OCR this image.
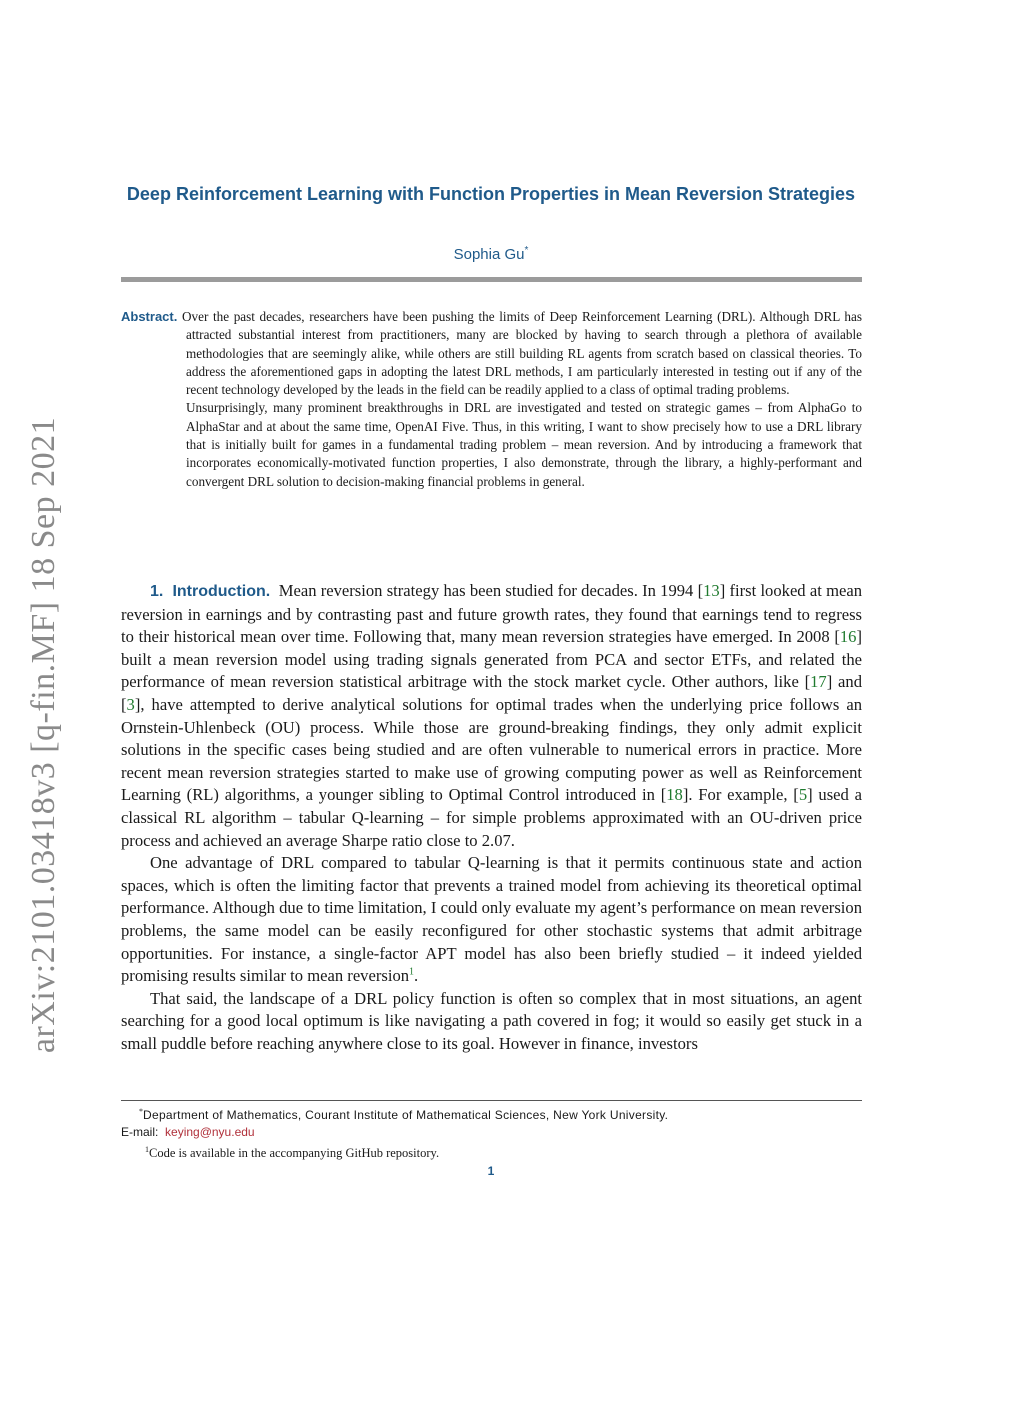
arXiv:2101.03418v3 [q-fin.MF] 18 Sep 2021
Deep Reinforcement Learning with Function Properties in Mean Reversion Strategies
Sophia Gu*

Abstract. Over the past decades, researchers have been pushing the limits of Deep Reinforcement Learning (DRL). Although DRL has attracted substantial interest from practitioners, many are blocked by having to search through a plethora of available methodologies that are seemingly alike, while others are still building RL agents from scratch based on classical theories. To address the aforementioned gaps in adopting the latest DRL methods, I am particularly interested in testing out if any of the recent technology developed by the leads in the field can be readily applied to a class of optimal trading problems.

Unsurprisingly, many prominent breakthroughs in DRL are investigated and tested on strategic games – from AlphaGo to AlphaStar and at about the same time, OpenAI Five. Thus, in this writing, I want to show precisely how to use a DRL library that is initially built for games in a fundamental trading problem – mean reversion. And by introducing a framework that incorporates economically-motivated function properties, I also demonstrate, through the library, a highly-performant and convergent DRL solution to decision-making financial problems in general.

1. Introduction. Mean reversion strategy has been studied for decades. In 1994 [13] first looked at mean reversion in earnings and by contrasting past and future growth rates, they found that earnings tend to regress to their historical mean over time. Following that, many mean reversion strategies have emerged. In 2008 [16] built a mean reversion model using trading signals generated from PCA and sector ETFs, and related the performance of mean reversion statistical arbitrage with the stock market cycle. Other authors, like [17] and [3], have attempted to derive analytical solutions for optimal trades when the underlying price follows an Ornstein-Uhlenbeck (OU) process. While those are ground-breaking findings, they only admit explicit solutions in the specific cases being studied and are often vulnerable to numerical errors in practice. More recent mean reversion strategies started to make use of growing computing power as well as Reinforcement Learning (RL) algorithms, a younger sibling to Optimal Control introduced in [18]. For example, [5] used a classical RL algorithm – tabular Q-learning – for simple problems approximated with an OU-driven price process and achieved an average Sharpe ratio close to 2.07.

One advantage of DRL compared to tabular Q-learning is that it permits continuous state and action spaces, which is often the limiting factor that prevents a trained model from achieving its theoretical optimal performance. Although due to time limitation, I could only evaluate my agent’s performance on mean reversion problems, the same model can be easily reconfigured for other stochastic systems that admit arbitrage opportunities. For instance, a single-factor APT model has also been briefly studied – it indeed yielded promising results similar to mean reversion$^1$.

That said, the landscape of a DRL policy function is often so complex that in most situations, an agent searching for a good local optimum is like navigating a path covered in fog; it would so easily get stuck in a small puddle before reaching anywhere close to its goal. However in finance, investors

*Department of Mathematics, Courant Institute of Mathematical Sciences, New York University.
E-mail: keying@nyu.edu
$^1$Code is available in the accompanying GitHub repository.
1
